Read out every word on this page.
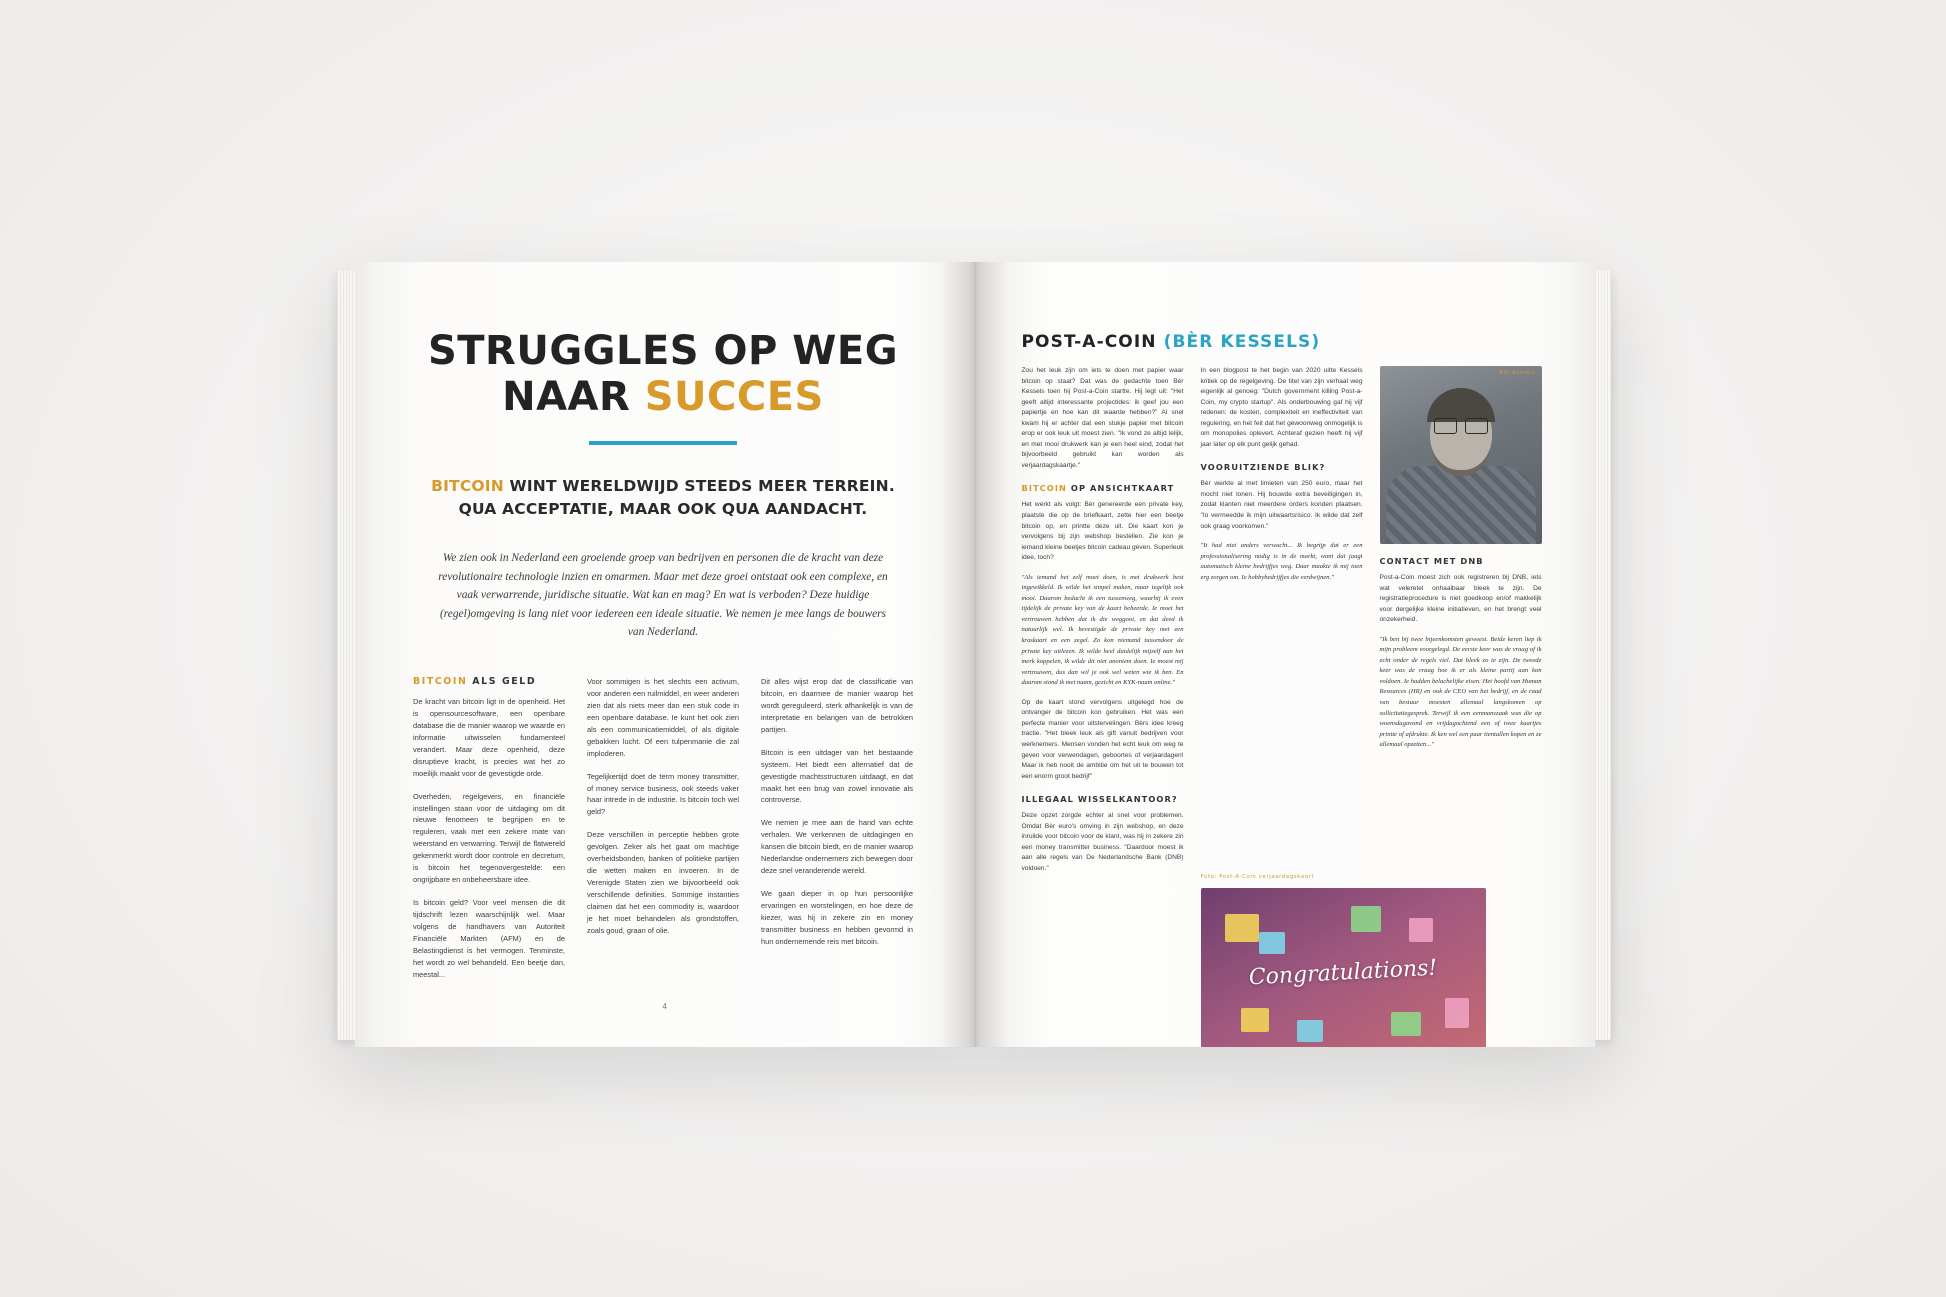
STRUGGLES OP WEG
NAAR SUCCES
BITCOIN WINT WERELDWIJD STEEDS MEER TERREIN. QUA ACCEPTATIE, MAAR OOK QUA AANDACHT.
We zien ook in Nederland een groeiende groep van bedrijven en personen die de kracht van deze revolutionaire technologie inzien en omarmen. Maar met deze groei ontstaat ook een complexe, en vaak verwarrende, juridische situatie. Wat kan en mag? En wat is verboden? Deze huidige (regel)omgeving is lang niet voor iedereen een ideale situatie. We nemen je mee langs de bouwers van Nederland.
BITCOIN ALS GELD

De kracht van bitcoin ligt in de openheid. Het is opensourcesoftware, een openbare database die de manier waarop we waarde en informatie uitwisselen fundamenteel verandert. Maar deze openheid, deze disruptieve kracht, is precies wat het zo moeilijk maakt voor de gevestigde orde.

Overheden, regelgevers, en financiële instellingen staan voor de uitdaging om dit nieuwe fenomeen te begrijpen en te reguleren, vaak met een zekere mate van weerstand en verwarring. Terwijl de flatwereld gekenmerkt wordt door controle en decretum, is bitcoin het tegenovergestelde: een ongrijpbare en onbeheersbare idee.

Is bitcoin geld? Voor veel mensen die dit tijdschrift lezen waarschijnlijk wel. Maar volgens de handhavers van Autoriteit Financiële Markten (AFM) en de Belastingdienst is het vermogen. Tenminste, het wordt zo wel behandeld. Een beetje dan, meestal...

Voor sommigen is het slechts een activum, voor anderen een ruilmiddel, en weer anderen zien dat als niets meer dan een stuk code in een openbare database. Ie kunt het ook zien als een communicatiemiddel, of als digitale gebakken lucht. Of een tulpenmanie die zal imploderen.

Tegelijkertijd doet de term money transmitter, of money service business, ook steeds vaker haar intrede in de industrie. Is bitcoin toch wel geld?

Deze verschillen in perceptie hebben grote gevolgen. Zeker als het gaat om machtige overheidsbonden, banken of politieke partijen die wetten maken en invoeren. In de Verenigde Staten zien we bijvoorbeeld ook verschillende definities. Sommige instanties claimen dat het een commodity is, waardoor je het moet behandelen als grondstoffen, zoals goud, graan of olie.

Dit alles wijst erop dat de classificatie van bitcoin, en daarmee de manier waarop het wordt gereguleerd, sterk afhankelijk is van de interpretatie en belangen van de betrokken partijen.

Bitcoin is een uitdager van het bestaande systeem. Het biedt een alternatief dat de gevestigde machtsstructuren uitdaagt, en dat maakt het een brug van zowel innovatie als controverse.

We nemen je mee aan de hand van echte verhalen. We verkennen de uitdagingen en kansen die bitcoin biedt, en de manier waarop Nederlandse ondernemers zich bewegen door deze snel veranderende wereld.

We gaan dieper in op hun persoonlijke ervaringen en worstelingen, en hoe deze de kiezer, was hij in zekere zin en money transmitter business en hebben gevormd in hun ondernemende reis met bitcoin.

4
POST-A-COIN (BÈR KESSELS)

Zou het leuk zijn om iets te doen met papier waar bitcoin op staat? Dat was de gedachte toen Bèr Kessels toen hij Post-a-Coin startte. Hij legt uit: "Het geeft altijd interessante projectides: ik geef jou een papiertje en hoe kan dit waarde hebben?" Al snel kwam hij er achter dat een stukje papier met bitcoin erop er ook leuk uit moest zien. "Ik vond ze altijd lelijk, en met mooi drukwerk kan je een heel eind, zodat het bijvoorbeeld gebruikt kan worden als verjaardagskaartje."

BITCOIN OP ANSICHTKAART

Het werkt als volgt: Bèr genereerde een private key, plaatste die op de briefkaart, zette hier een beetje bitcoin op, en printte deze uit. Die kaart kon je vervolgens bij zijn webshop bestellen. Zie kon je iemand kleine beetjes bitcoin cadeau geven. Superleuk idee, toch?

"Als iemand het zelf moet doen, is met drukwerk best ingewikkeld. Ik wilde het simpel maken, maar tegelijk ook mooi. Daarom bedacht ik een tussenweg, waarbij ik even tijdelijk de private key van de kaart beheerde. Ie moet het vertrouwen hebben dat ik die weggooi, en dat deed ik natuurlijk wel. Ik bevestigde de private key met een kraskaart en een zegel. Zo kon niemand tussendoor de private key uitlezen. Ik wilde heel duidelijk mijzelf aan het merk koppelen, ik wilde dit niet anoniem doen. Ie moest mij vertrouwen, dus dan wil je ook wel weten wie ik ben. En daarom stond ik met naam, gezicht en KYK-naam online."

Op de kaart stond vervolgens uitgelegd hoe de ontvanger de bitcoin kon gebruiken. Het was een perfecte manier voor uitstervelingen. Bèrs idee kreeg tractie. "Het bleek leuk als gift vanuit bedrijven voor werknemers. Mensen vonden het echt leuk om weg te geven voor verwendagen, geboortes of verjaardagen! Maar ik heb nooit de ambitie om het uit te bouwen tot een enorm groot bedrijf"

ILLEGAAL WISSELKANTOOR?

Deze opzet zorgde echter al snel voor problemen. Omdat Bèr euro's omving in zijn webshop, en deze inruilde voor bitcoin voor de klant, was hij in zekere zin een money transmitter business. "Daardoor moest ik aan alle regels van De Nederlandsche Bank (DNB) voldoen."

In een blogpost te het begin van 2020 uitte Kessels kritiek op de regelgeving. De titel van zijn verhaal weg eigenlijk al genoeg: "Dutch government killing Post-a-Coin, my crypto startup". Als onderbouwing gaf hij vijf redenen: de kosten, complexiteit en ineffectiviteit van regulering, en het feit dat het gewoonweg onmogelijk is om monopolies oplevert. Achteraf gezien heeft hij vijf jaar later op elk punt gelijk gehad.

VOORUITZIENDE BLIK?

Bèr werkte al met limieten van 250 euro, maar het mocht niet lonen. Hij bouwde extra beveiligingen in, zodat klanten niet meerdere orders konden plaatsen. "Io vermeedde ik mijn uitwaartsrisico. Ik wilde dat zelf ook graag voorkomen."

"It had niet anders verwacht... Ik begrijp dat er een professionalisering nodig is in de markt, want dat jaagt automatisch kleine bedrijfjes weg. Daar maakte ik mij toen erg zorgen om. Ie hobbybedrijfjes die verdwijnen."

Bèr Kessels
CONTACT MET DNB

Post-a-Coin moest zich ook registreren bij DNB, iets wat veleretel onhaalbaar bleek te zijn. De registratieprocedure is niet goedkoop en/of makkelijk voor dergelijke kleine initiatieven, en het brengt veel onzekerheid.

"Ik ben bij twee bijeenkomsten geweest. Beide keren liep ik mijn probleem voorgelegd. De eerste keer was de vraag of ik echt onder de regels viel. Dat bleek zo te zijn. De tweede keer was de vraag hoe ik er als kleine partij aan kon voldoen. Ie hadden belachelijke eisen. Het hoofd van Human Resources (HR) en ook de CEO van het bedrijf, en de raad van bestuur moesten allemaal langskomen op sollicitatiegesprek. Terwijl ik een eenmanszaak was die op woensdagavond en vrijdagochtend een of twee kaartjes printte of afdrukte. Ik ken wel een paar tientallen kopen en ze allemaal opzetten..."

Foto: Post-A-Coin verjaardagskaart
Congratulations!
5
